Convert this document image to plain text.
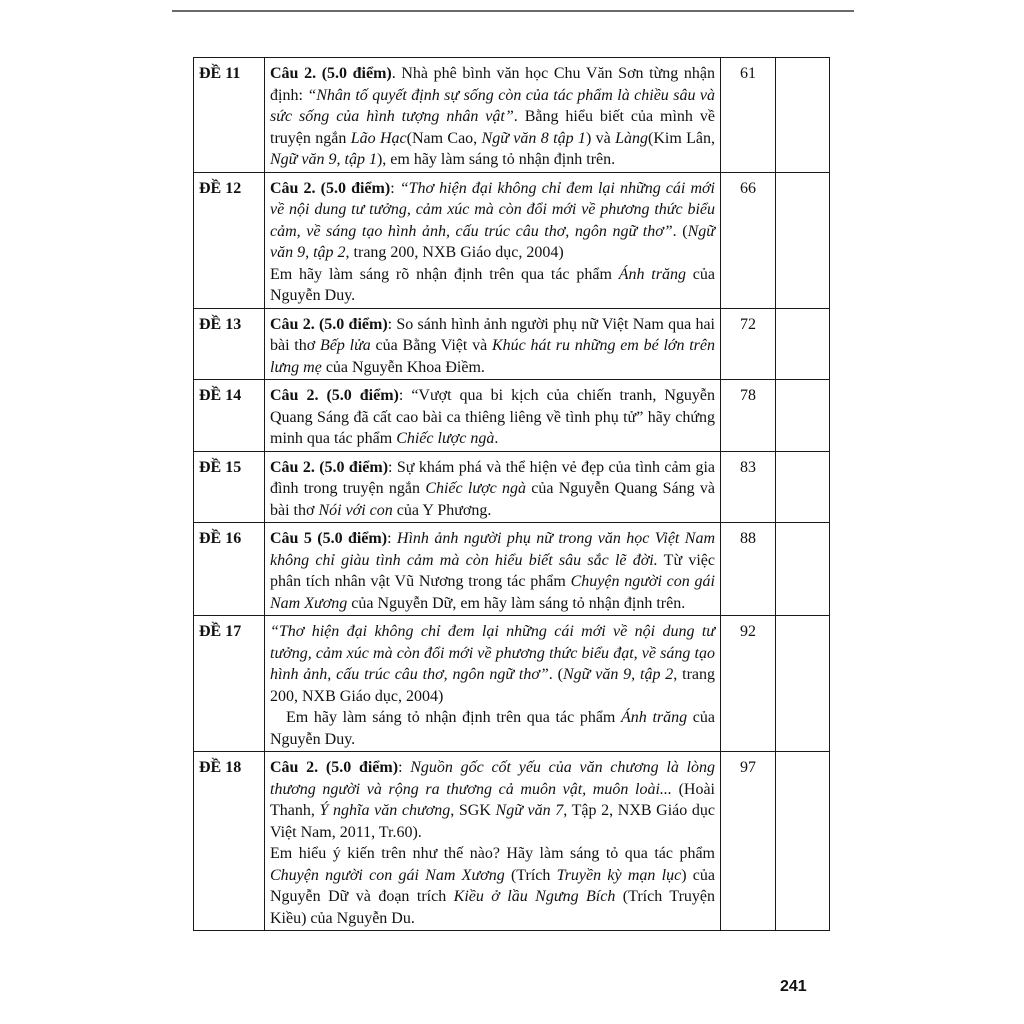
ĐỀ 11	Câu 2. (5.0 điểm). Nhà phê bình văn học Chu Văn Sơn từng nhận định: “Nhân tố quyết định sự sống còn của tác phẩm là chiều sâu và sức sống của hình tượng nhân vật”. Bằng hiểu biết của mình về truyện ngắn Lão Hạc(Nam Cao, Ngữ văn 8 tập 1) và Làng(Kim Lân, Ngữ văn 9, tập 1), em hãy làm sáng tỏ nhận định trên.	61	
ĐỀ 12	Câu 2. (5.0 điểm): “Thơ hiện đại không chỉ đem lại những cái mới về nội dung tư tưởng, cảm xúc mà còn đổi mới về phương thức biểu cảm, về sáng tạo hình ảnh, cấu trúc câu thơ, ngôn ngữ thơ”. (Ngữ văn 9, tập 2, trang 200, NXB Giáo dục, 2004)
Em hãy làm sáng rõ nhận định trên qua tác phẩm Ánh trăng của Nguyễn Duy.	66	
ĐỀ 13	Câu 2. (5.0 điểm): So sánh hình ảnh người phụ nữ Việt Nam qua hai bài thơ Bếp lửa của Bằng Việt và Khúc hát ru những em bé lớn trên lưng mẹ của Nguyễn Khoa Điềm.	72	
ĐỀ 14	Câu 2. (5.0 điểm): “Vượt qua bi kịch của chiến tranh, Nguyễn Quang Sáng đã cất cao bài ca thiêng liêng về tình phụ tử” hãy chứng minh qua tác phẩm Chiếc lược ngà.	78	
ĐỀ 15	Câu 2. (5.0 điểm): Sự khám phá và thể hiện vẻ đẹp của tình cảm gia đình trong truyện ngắn Chiếc lược ngà của Nguyễn Quang Sáng và bài thơ Nói với con của Y Phương.	83	
ĐỀ 16	Câu 5 (5.0 điểm): Hình ảnh người phụ nữ trong văn học Việt Nam không chỉ giàu tình cảm mà còn hiểu biết sâu sắc lẽ đời. Từ việc phân tích nhân vật Vũ Nương trong tác phẩm Chuyện người con gái Nam Xương của Nguyễn Dữ, em hãy làm sáng tỏ nhận định trên.	88	
ĐỀ 17	“Thơ hiện đại không chỉ đem lại những cái mới về nội dung tư tưởng, cảm xúc mà còn đổi mới về phương thức biểu đạt, về sáng tạo hình ảnh, cấu trúc câu thơ, ngôn ngữ thơ”. (Ngữ văn 9, tập 2, trang 200, NXB Giáo dục, 2004)
Em hãy làm sáng tỏ nhận định trên qua tác phẩm Ánh trăng của Nguyễn Duy.	92	
ĐỀ 18	Câu 2. (5.0 điểm): Nguồn gốc cốt yếu của văn chương là lòng thương người và rộng ra thương cả muôn vật, muôn loài... (Hoài Thanh, Ý nghĩa văn chương, SGK Ngữ văn 7, Tập 2, NXB Giáo dục Việt Nam, 2011, Tr.60).
Em hiểu ý kiến trên như thế nào? Hãy làm sáng tỏ qua tác phẩm Chuyện người con gái Nam Xương (Trích Truyền kỳ mạn lục) của Nguyễn Dữ và đoạn trích Kiều ở lầu Ngưng Bích (Trích Truyện Kiều) của Nguyễn Du.	97	
241
